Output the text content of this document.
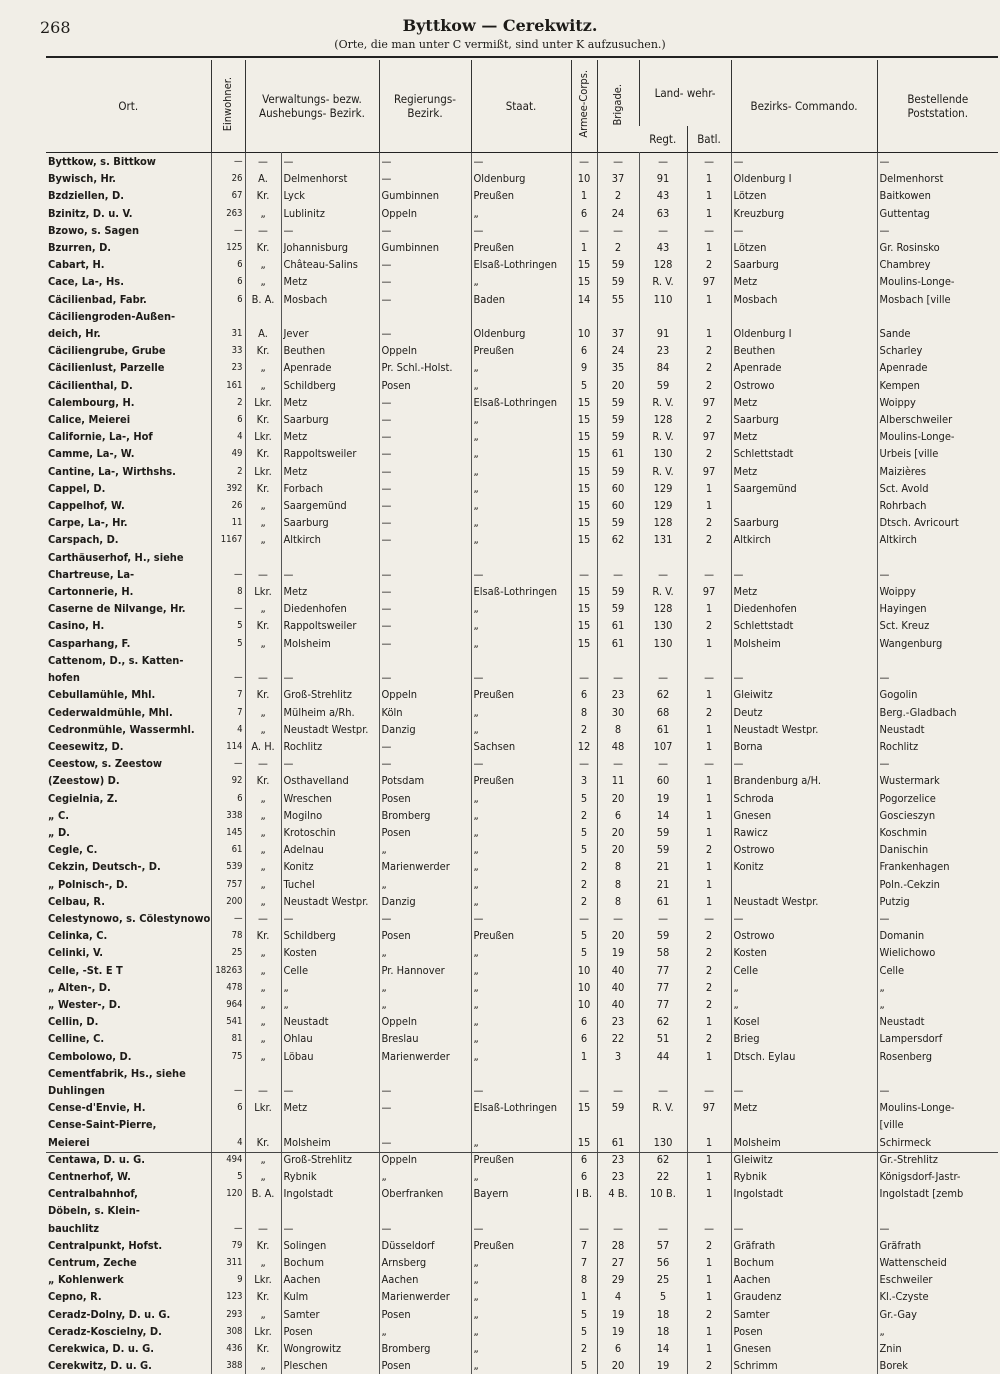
268	Byttkow — Cerekwitz.
(Orte, die man unter C vermißt, sind unter K aufzusuchen.)
Ort.	Einwohner.	Verwaltungs- bezw. Aushebungs- Bezirk.		Regierungs- Bezirk.	Staat.	Armee-Corps.	Brigade.	Land- wehr-		Bezirks- Commando.	Bestellende Poststation.
								Regt.	Batl.		
Byttkow, s. Bittkow	—	—	—	—	—	—	—	—	—	—	—
Bywisch, Hr.	26	A.	Delmenhorst	—	Oldenburg	10	37	91	1	Oldenburg I	Delmenhorst
Bzdziellen, D.	67	Kr.	Lyck	Gumbinnen	Preußen	1	2	43	1	Lötzen	Baitkowen
Bzinitz, D. u. V.	263	„	Lublinitz	Oppeln	„	6	24	63	1	Kreuzburg	Guttentag
Bzowo, s. Sagen	—	—	—	—	—	—	—	—	—	—	—
Bzurren, D.	125	Kr.	Johannisburg	Gumbinnen	Preußen	1	2	43	1	Lötzen	Gr. Rosinsko
Cabart, H.	6	„	Château-Salins	—	Elsaß-Lothringen	15	59	128	2	Saarburg	Chambrey
Cace, La-, Hs.	6	„	Metz	—	„	15	59	R. V.	97	Metz	Moulins-Longe-
Cäcilienbad, Fabr.	6	B. A.	Mosbach	—	Baden	14	55	110	1	Mosbach	Mosbach [ville
Cäciliengroden-Außen-											
deich, Hr.	31	A.	Jever	—	Oldenburg	10	37	91	1	Oldenburg I	Sande
Cäciliengrube, Grube	33	Kr.	Beuthen	Oppeln	Preußen	6	24	23	2	Beuthen	Scharley
Cäcilienlust, Parzelle	23	„	Apenrade	Pr. Schl.-Holst.	„	9	35	84	2	Apenrade	Apenrade
Cäcilienthal, D.	161	„	Schildberg	Posen	„	5	20	59	2	Ostrowo	Kempen
Calembourg, H.	2	Lkr.	Metz	—	Elsaß-Lothringen	15	59	R. V.	97	Metz	Woippy
Calice, Meierei	6	Kr.	Saarburg	—	„	15	59	128	2	Saarburg	Alberschweiler
Californie, La-, Hof	4	Lkr.	Metz	—	„	15	59	R. V.	97	Metz	Moulins-Longe-
Camme, La-, W.	49	Kr.	Rappoltsweiler	—	„	15	61	130	2	Schlettstadt	Urbeis [ville
Cantine, La-, Wirthshs.	2	Lkr.	Metz	—	„	15	59	R. V.	97	Metz	Maizières
Cappel, D.	392	Kr.	Forbach	—	„	15	60	129	1	Saargemünd	Sct. Avold
Cappelhof, W.	26	„	Saargemünd	—	„	15	60	129	1		Rohrbach
Carpe, La-, Hr.	11	„	Saarburg	—	„	15	59	128	2	Saarburg	Dtsch. Avricourt
Carspach, D.	1167	„	Altkirch	—	„	15	62	131	2	Altkirch	Altkirch
Carthäuserhof, H., siehe											
Chartreuse, La-	—	—	—	—	—	—	—	—	—	—	—
Cartonnerie, H.	8	Lkr.	Metz	—	Elsaß-Lothringen	15	59	R. V.	97	Metz	Woippy
Caserne de Nilvange, Hr.	—	„	Diedenhofen	—	„	15	59	128	1	Diedenhofen	Hayingen
Casino, H.	5	Kr.	Rappoltsweiler	—	„	15	61	130	2	Schlettstadt	Sct. Kreuz
Casparhang, F.	5	„	Molsheim	—	„	15	61	130	1	Molsheim	Wangenburg
Cattenom, D., s. Katten-											
hofen	—	—	—	—	—	—	—	—	—	—	—
Cebullamühle, Mhl.	7	Kr.	Groß-Strehlitz	Oppeln	Preußen	6	23	62	1	Gleiwitz	Gogolin
Cederwaldmühle, Mhl.	7	„	Mülheim a/Rh.	Köln	„	8	30	68	2	Deutz	Berg.-Gladbach
Cedronmühle, Wassermhl.	4	„	Neustadt Westpr.	Danzig	„	2	8	61	1	Neustadt Westpr.	Neustadt
Ceesewitz, D.	114	A. H.	Rochlitz	—	Sachsen	12	48	107	1	Borna	Rochlitz
Ceestow, s. Zeestow	—	—	—	—	—	—	—	—	—	—	—
(Zeestow) D.	92	Kr.	Osthavelland	Potsdam	Preußen	3	11	60	1	Brandenburg a/H.	Wustermark
Cegielnia, Z.	6	„	Wreschen	Posen	„	5	20	19	1	Schroda	Pogorzelice
„ C.	338	„	Mogilno	Bromberg	„	2	6	14	1	Gnesen	Goscieszyn
„ D.	145	„	Krotoschin	Posen	„	5	20	59	1	Rawicz	Koschmin
Cegle, C.	61	„	Adelnau	„	„	5	20	59	2	Ostrowo	Danischin
Cekzin, Deutsch-, D.	539	„	Konitz	Marienwerder	„	2	8	21	1	Konitz	Frankenhagen
„ Polnisch-, D.	757	„	Tuchel	„	„	2	8	21	1		Poln.-Cekzin
Celbau, R.	200	„	Neustadt Westpr.	Danzig	„	2	8	61	1	Neustadt Westpr.	Putzig
Celestynowo, s. Cölestynowo	—	—	—	—	—	—	—	—	—	—	—
Celinka, C.	78	Kr.	Schildberg	Posen	Preußen	5	20	59	2	Ostrowo	Domanin
Celinki, V.	25	„	Kosten	„	„	5	19	58	2	Kosten	Wielichowo
Celle, -St. E T	18263	„	Celle	Pr. Hannover	„	10	40	77	2	Celle	Celle
„ Alten-, D.	478	„	„	„	„	10	40	77	2	„	„
„ Wester-, D.	964	„	„	„	„	10	40	77	2	„	„
Cellin, D.	541	„	Neustadt	Oppeln	„	6	23	62	1	Kosel	Neustadt
Celline, C.	81	„	Ohlau	Breslau	„	6	22	51	2	Brieg	Lampersdorf
Cembolowo, D.	75	„	Löbau	Marienwerder	„	1	3	44	1	Dtsch. Eylau	Rosenberg
Cementfabrik, Hs., siehe											
Duhlingen	—	—	—	—	—	—	—	—	—	—	—
Cense-d'Envie, H.	6	Lkr.	Metz	—	Elsaß-Lothringen	15	59	R. V.	97	Metz	Moulins-Longe-
Cense-Saint-Pierre,											[ville
Meierei	4	Kr.	Molsheim	—	„	15	61	130	1	Molsheim	Schirmeck
Centawa, D. u. G.	494	„	Groß-Strehlitz	Oppeln	Preußen	6	23	62	1	Gleiwitz	Gr.-Strehlitz
Centnerhof, W.	5	„	Rybnik	„	„	6	23	22	1	Rybnik	Königsdorf-Jastr-
Centralbahnhof,	120	B. A.	Ingolstadt	Oberfranken	Bayern	I B.	4 B.	10 B.	1	Ingolstadt	Ingolstadt [zemb
Döbeln, s. Klein-											
bauchlitz	—	—	—	—	—	—	—	—	—	—	—
Centralpunkt, Hofst.	79	Kr.	Solingen	Düsseldorf	Preußen	7	28	57	2	Gräfrath	Gräfrath
Centrum, Zeche	311	„	Bochum	Arnsberg	„	7	27	56	1	Bochum	Wattenscheid
„ Kohlenwerk	9	Lkr.	Aachen	Aachen	„	8	29	25	1	Aachen	Eschweiler
Cepno, R.	123	Kr.	Kulm	Marienwerder	„	1	4	5	1	Graudenz	Kl.-Czyste
Ceradz-Dolny, D. u. G.	293	„	Samter	Posen	„	5	19	18	2	Samter	Gr.-Gay
Ceradz-Koscielny, D.	308	Lkr.	Posen	„	„	5	19	18	1	Posen	„
Cerekwica, D. u. G.	436	Kr.	Wongrowitz	Bromberg	„	2	6	14	1	Gnesen	Znin
Cerekwitz, D. u. G.	388	„	Pleschen	Posen	„	5	20	19	2	Schrimm	Borek
